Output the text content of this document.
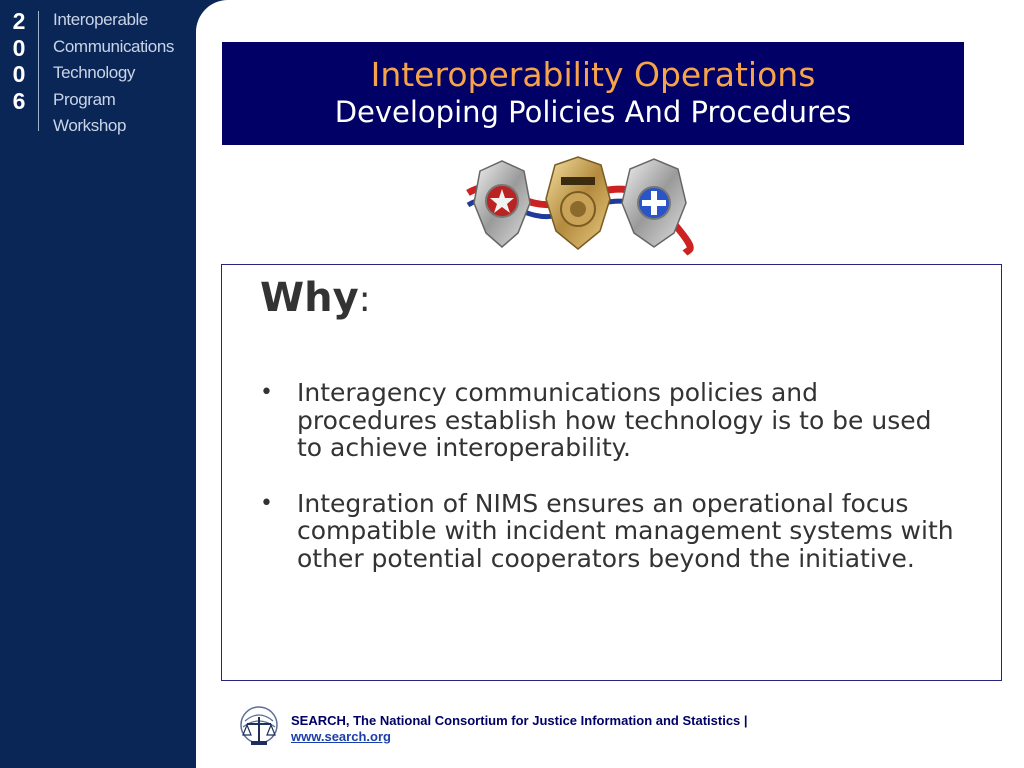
2
0
0
6
Interoperable
Communications
Technology
Program
Workshop
Interoperability Operations
Developing Policies And Procedures
Why:
• Interagency communications policies and procedures establish how technology is to be used to achieve interoperability.
• Integration of NIMS ensures an operational focus compatible with incident management systems with other potential cooperators beyond the initiative.
SEARCH, The National Consortium for Justice Information and Statistics |
www.search.org
